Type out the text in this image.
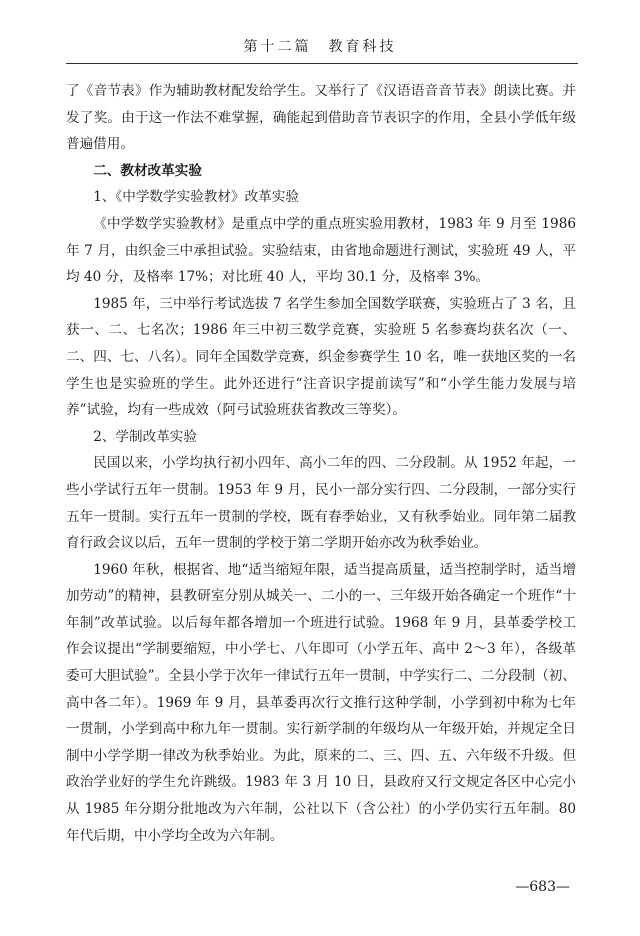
第十二篇　教育科技

了《音节表》作为辅助教材配发给学生。又举行了《汉语语音音节表》朗读比赛。并发了奖。由于这一作法不难掌握，确能起到借助音节表识字的作用，全县小学低年级普遍借用。

二、教材改革实验

1、《中学数学实验教材》改革实验

《中学数学实验教材》是重点中学的重点班实验用教材，1983 年 9 月至 1986 年 7 月，由织金三中承担试验。实验结束，由省地命题进行测试，实验班 49 人，平均 40 分，及格率 17%；对比班 40 人，平均 30.1 分，及格率 3%。

1985 年，三中举行考试选拔 7 名学生参加全国数学联赛，实验班占了 3 名，且获一、二、七名次；1986 年三中初三数学竞赛，实验班 5 名参赛均获名次（一、二、四、七、八名）。同年全国数学竞赛，织金参赛学生 10 名，唯一获地区奖的一名学生也是实验班的学生。此外还进行“注音识字提前读写”和“小学生能力发展与培养”试验，均有一些成效（阿弓试验班获省教改三等奖）。

2、学制改革实验

民国以来，小学均执行初小四年、高小二年的四、二分段制。从 1952 年起，一些小学试行五年一贯制。1953 年 9 月，民小一部分实行四、二分段制，一部分实行五年一贯制。实行五年一贯制的学校，既有春季始业，又有秋季始业。同年第二届教育行政会议以后，五年一贯制的学校于第二学期开始亦改为秋季始业。

1960 年秋，根据省、地“适当缩短年限，适当提高质量，适当控制学时，适当增加劳动”的精神，县教研室分别从城关一、二小的一、三年级开始各确定一个班作“十年制”改革试验。以后每年都各增加一个班进行试验。1968 年 9 月，县革委学校工作会议提出“学制要缩短，中小学七、八年即可（小学五年、高中 2～3 年），各级革委可大胆试验”。全县小学于次年一律试行五年一贯制，中学实行二、二分段制（初、高中各二年）。1969 年 9 月，县革委再次行文推行这种学制，小学到初中称为七年一贯制，小学到高中称九年一贯制。实行新学制的年级均从一年级开始，并规定全日制中小学学期一律改为秋季始业。为此，原来的二、三、四、五、六年级不升级。但政治学业好的学生允许跳级。1983 年 3 月 10 日，县政府又行文规定各区中心完小从 1985 年分期分批地改为六年制，公社以下（含公社）的小学仍实行五年制。80 年代后期，中小学均全改为六年制。

—683—
